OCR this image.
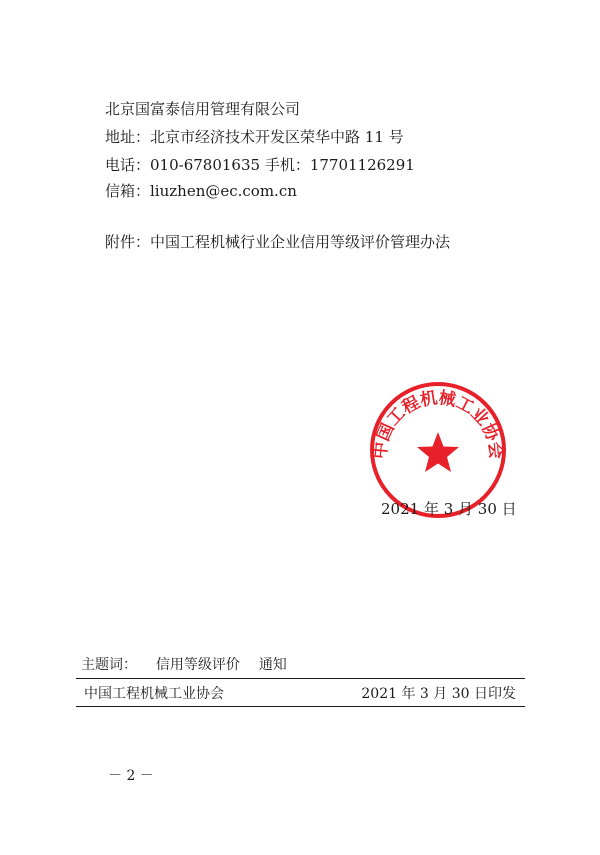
北京国富泰信用管理有限公司
地址：北京市经济技术开发区荣华中路 11 号
电话：010-67801635 手机：17701126291
信箱：liuzhen@ec.com.cn
附件：中国工程机械行业企业信用等级评价管理办法
中国工程机械工业协会
2021 年 3 月 30 日
主题词： 信用等级评价 通知
中国工程机械工业协会	2021 年 3 月 30 日印发
－ 2 －
